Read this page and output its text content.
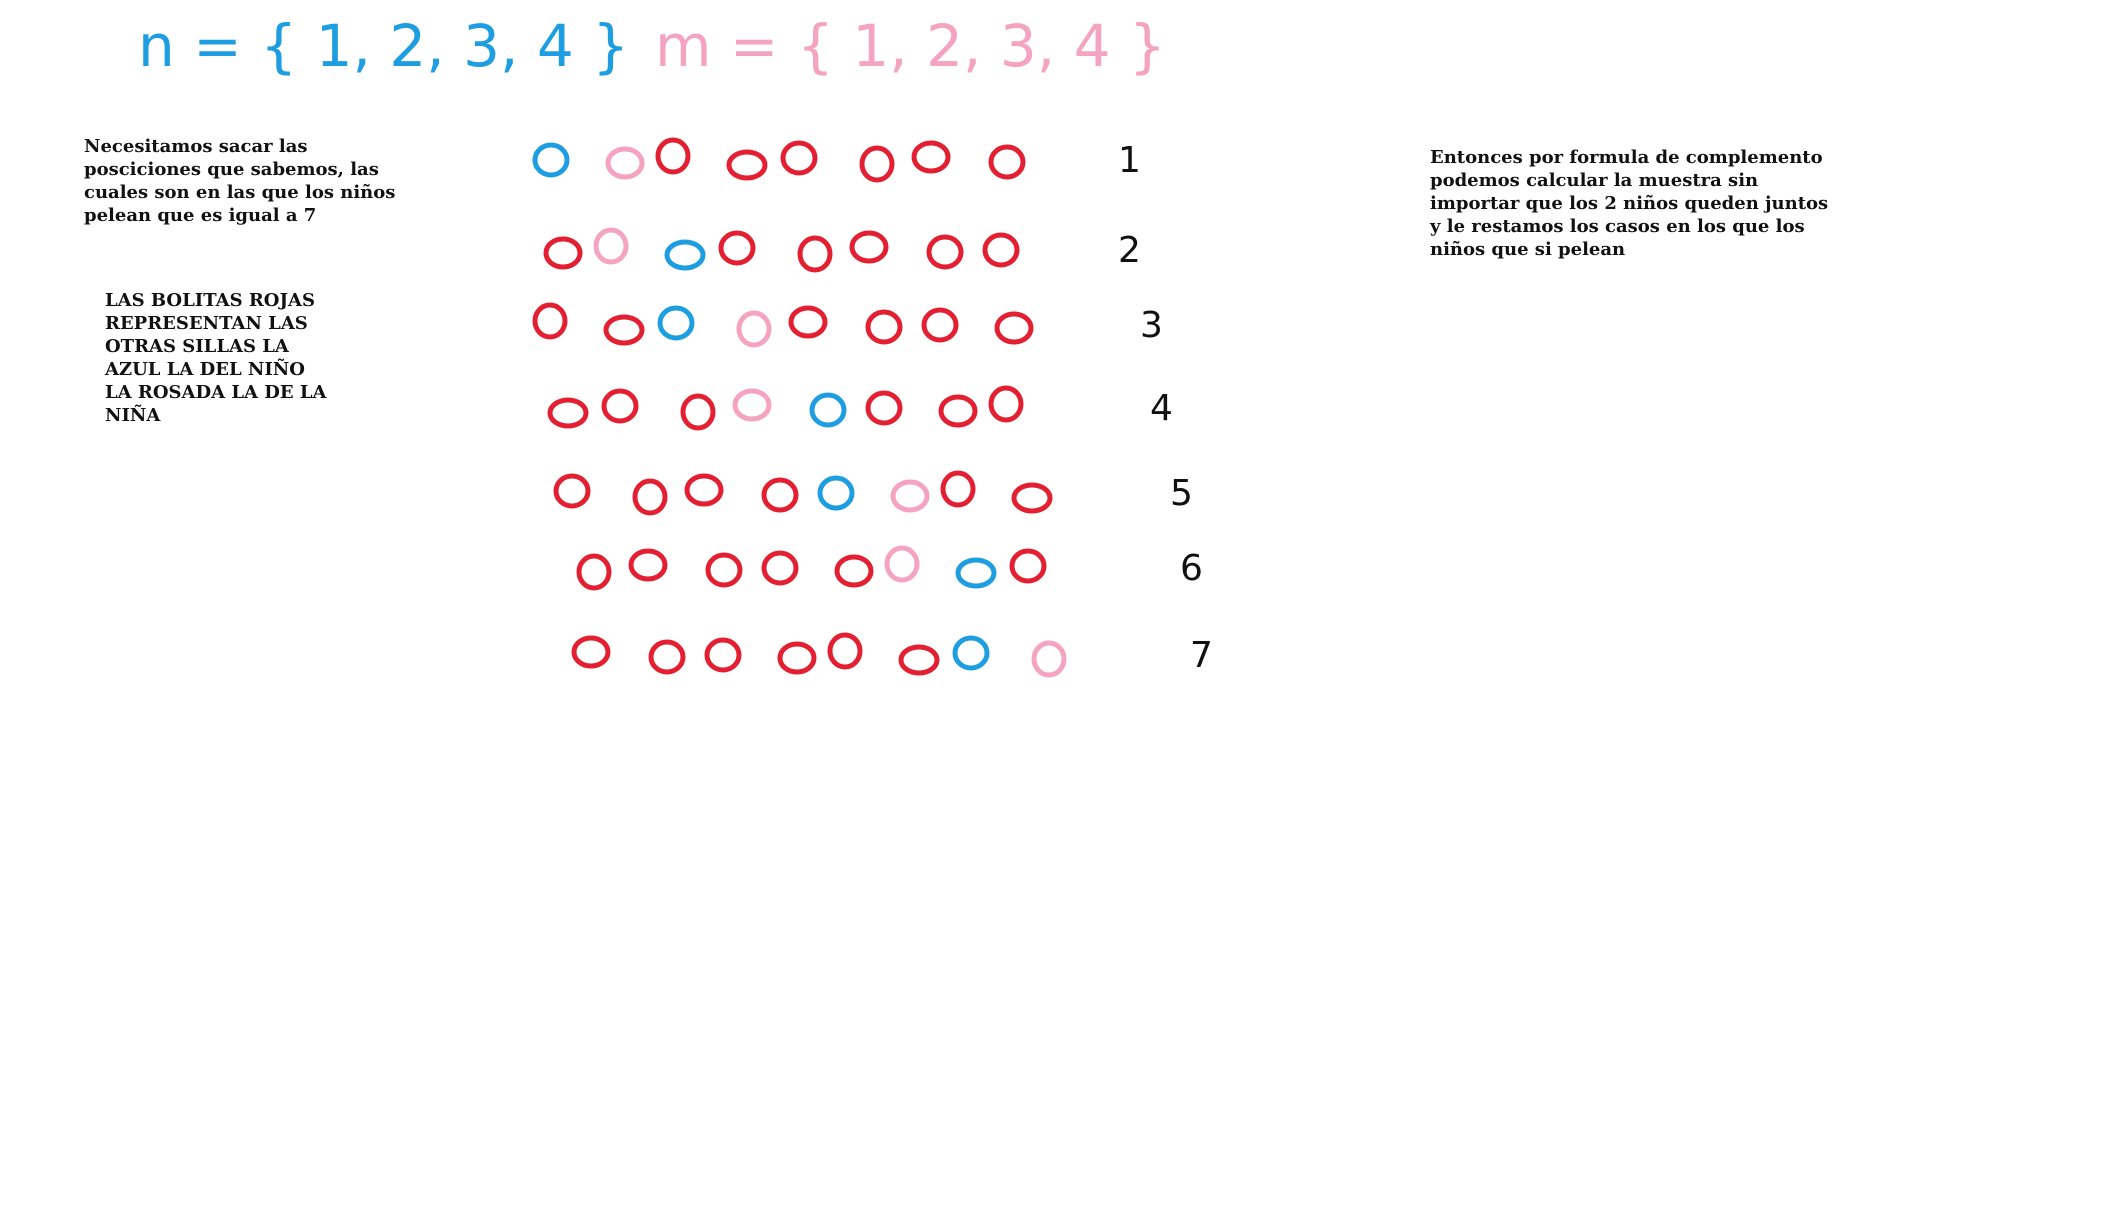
n = { 1, 2, 3, 4 } m = { 1, 2, 3, 4 }
1
2
3
4
5
6
7

Necesitamos sacar las
posciciones que sabemos, las
cuales son en las que los niños
pelean que es igual a 7

LAS BOLITAS ROJAS
REPRESENTAN LAS
OTRAS SILLAS LA
AZUL LA DEL NIÑO
LA ROSADA LA DE LA
NIÑA

Entonces por formula de complemento
podemos calcular la muestra sin
importar que los 2 niños queden juntos
y le restamos los casos en los que los
niños que si pelean
